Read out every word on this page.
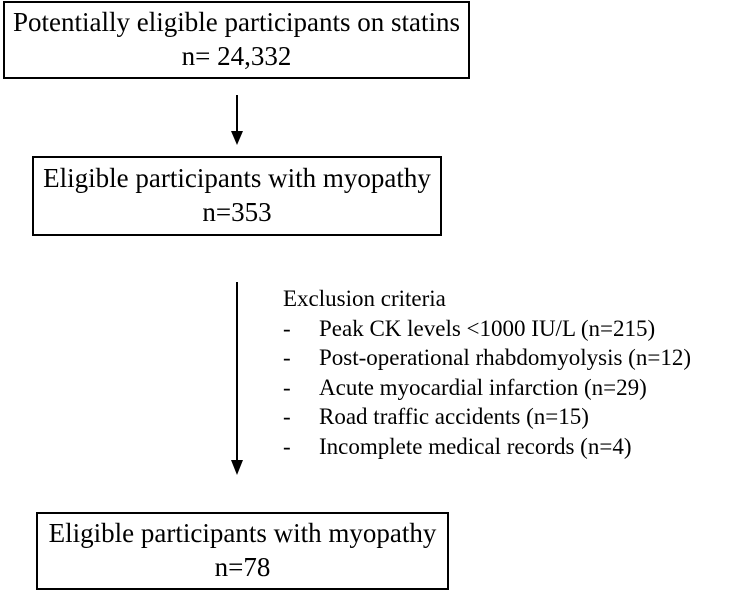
Potentially eligible participants on statins
n= 24,332
Eligible participants with myopathy
n=353
Exclusion criteria
- Peak CK levels <1000 IU/L (n=215)
- Post-operational rhabdomyolysis (n=12)
- Acute myocardial infarction (n=29)
- Road traffic accidents (n=15)
- Incomplete medical records (n=4)
Eligible participants with myopathy
n=78
